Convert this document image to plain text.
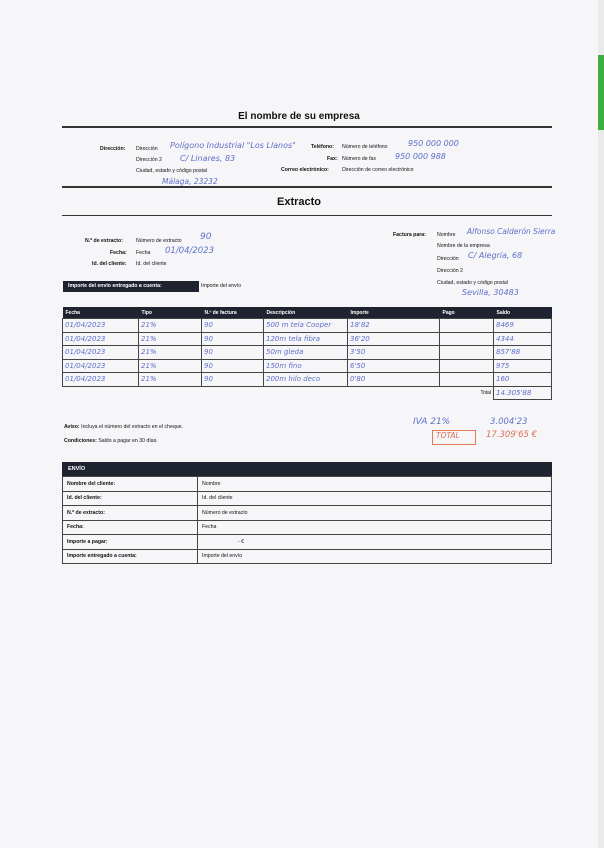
El nombre de su empresa
Dirección: Dirección Polígono Industrial "Los Llanos"
Dirección 2 C/ Linares, 83
Ciudad, estado y código postal
Málaga, 23232
Teléfono: Número de teléfono	950 000 000
Fax: Número de fax 950 000 988
Correo electrónico:	Dirección de correo electrónico
Extracto
N.º de extracto:	Número de extracto 90
Fecha: Fecha 01/04/2023
Id. del cliente: Id. del cliente
Importe del envío entregado a cuenta:	Importe del envío
Factura para: Nombre Alfonso Calderón Sierra
Nombre de la empresa
Dirección C/ Alegría, 68
Dirección 2
Ciudad, estado y código postal
Sevilla, 30483
Fecha	Tipo	N.º de factura	Descripción	Importe	Pago	Saldo
01/04/2023	21%	90	500 m tela Cooper	18'82		8469
01/04/2023	21%	90	120m tela fibra	36'20		4344
01/04/2023	21%	90	50m gleda	3'50		857'88
01/04/2023	21%	90	150m fino	6'50		975
01/04/2023	21%	90	200m hilo deco	0'80		160
Total						14.305'88
Aviso: Incluya el número del extracto en el cheque.
Condiciones: Saldo a pagar en 30 días.
IVA 21%	3.004'23
TOTAL	17.309'65 €
ENVÍO
Nombre del cliente:	Nombre
Id. del cliente:	Id. del cliente
N.º de extracto:	Número de extracto
Fecha:	Fecha
Importe a pagar:	- €
Importe entregado a cuenta:	Importe del envío
